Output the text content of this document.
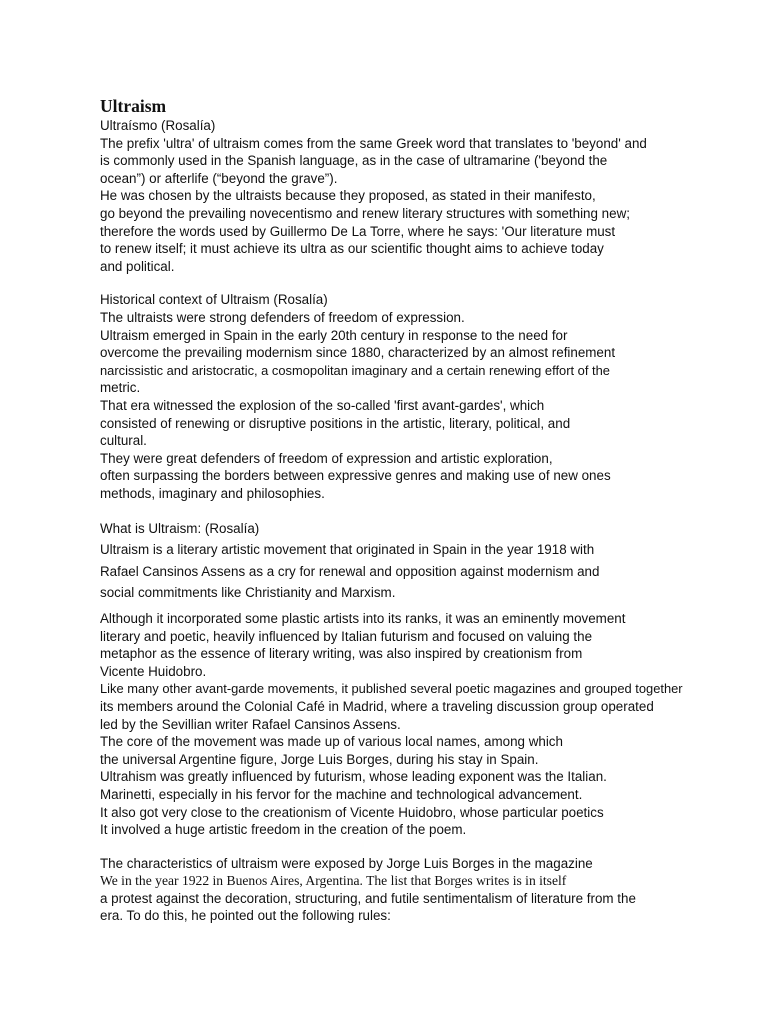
Ultraism
Ultraísmo (Rosalía)
The prefix 'ultra' of ultraism comes from the same Greek word that translates to 'beyond' and
is commonly used in the Spanish language, as in the case of ultramarine ('beyond the
ocean”) or afterlife (“beyond the grave”).
He was chosen by the ultraists because they proposed, as stated in their manifesto,
go beyond the prevailing novecentismo and renew literary structures with something new;
therefore the words used by Guillermo De La Torre, where he says: 'Our literature must
to renew itself; it must achieve its ultra as our scientific thought aims to achieve today
and political.
Historical context of Ultraism (Rosalía)
The ultraists were strong defenders of freedom of expression.
Ultraism emerged in Spain in the early 20th century in response to the need for
overcome the prevailing modernism since 1880, characterized by an almost refinement
narcissistic and aristocratic, a cosmopolitan imaginary and a certain renewing effort of the
metric.
That era witnessed the explosion of the so-called 'first avant-gardes', which
consisted of renewing or disruptive positions in the artistic, literary, political, and
cultural.
They were great defenders of freedom of expression and artistic exploration,
often surpassing the borders between expressive genres and making use of new ones
methods, imaginary and philosophies.
What is Ultraism: (Rosalía)
Ultraism is a literary artistic movement that originated in Spain in the year 1918 with
Rafael Cansinos Assens as a cry for renewal and opposition against modernism and
social commitments like Christianity and Marxism.
Although it incorporated some plastic artists into its ranks, it was an eminently movement
literary and poetic, heavily influenced by Italian futurism and focused on valuing the
metaphor as the essence of literary writing, was also inspired by creationism from
Vicente Huidobro.
Like many other avant-garde movements, it published several poetic magazines and grouped together
its members around the Colonial Café in Madrid, where a traveling discussion group operated
led by the Sevillian writer Rafael Cansinos Assens.
The core of the movement was made up of various local names, among which
the universal Argentine figure, Jorge Luis Borges, during his stay in Spain.
Ultrahism was greatly influenced by futurism, whose leading exponent was the Italian.
Marinetti, especially in his fervor for the machine and technological advancement.
It also got very close to the creationism of Vicente Huidobro, whose particular poetics
It involved a huge artistic freedom in the creation of the poem.
The characteristics of ultraism were exposed by Jorge Luis Borges in the magazine
We in the year 1922 in Buenos Aires, Argentina. The list that Borges writes is in itself
a protest against the decoration, structuring, and futile sentimentalism of literature from the
era. To do this, he pointed out the following rules:
